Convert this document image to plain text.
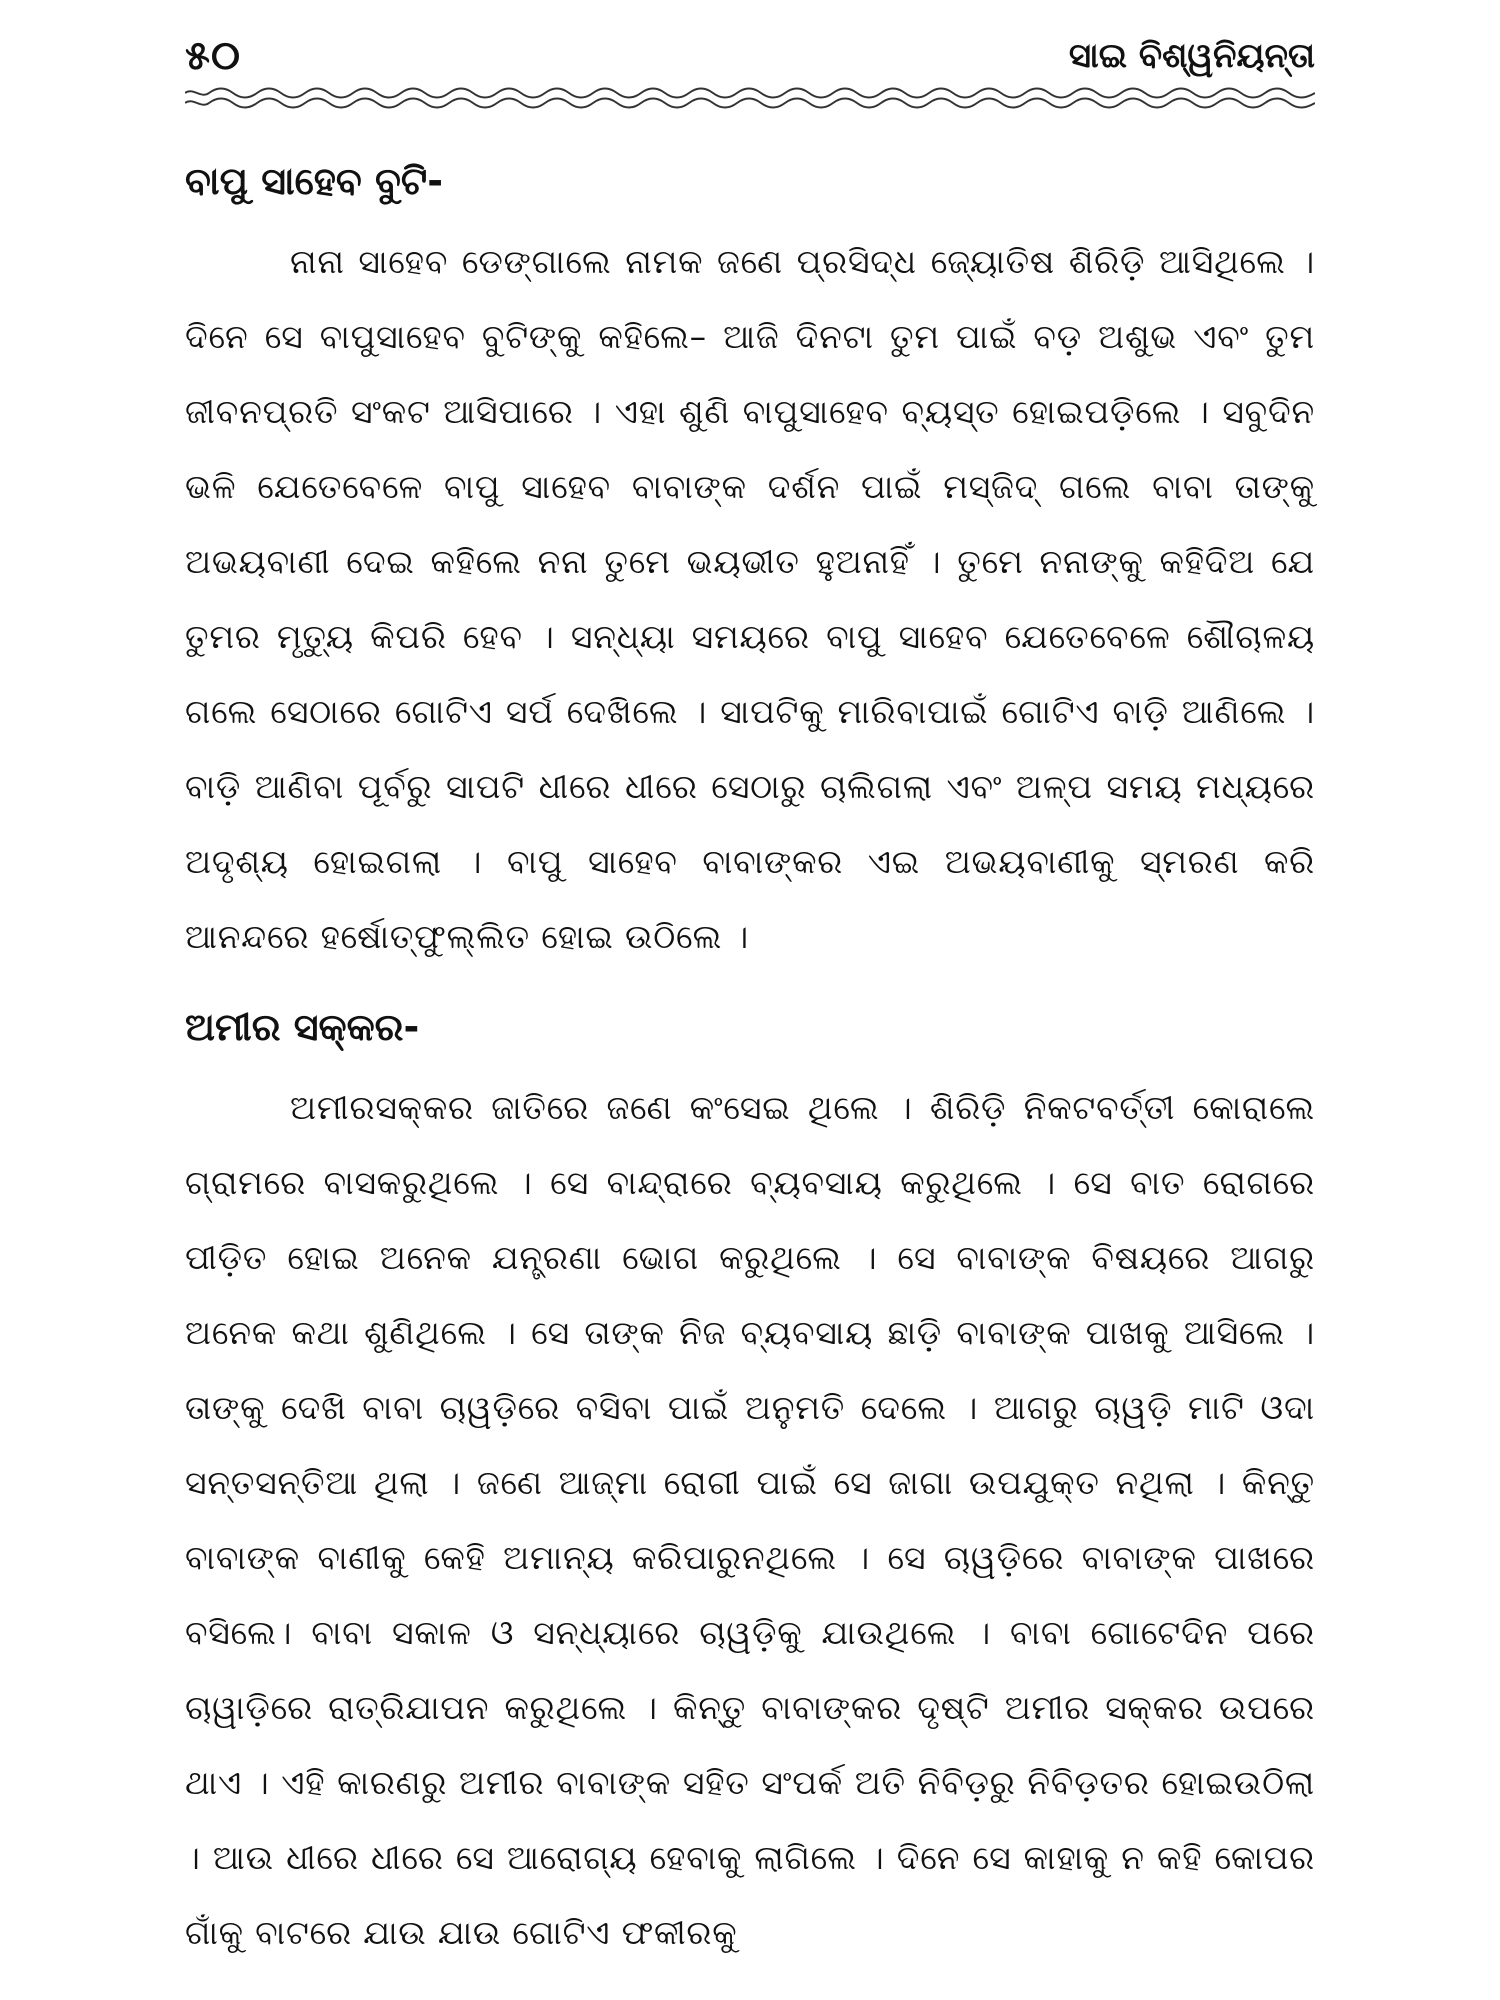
୫୦	ସାଇ ବିଶ୍ୱନିୟନ୍ତା
ବାପୁ ସାହେବ ବୁଟି-

ନାନା ସାହେବ ଡେଙ୍ଗାଲେ ନାମକ ଜଣେ ପ୍ରସିଦ୍ଧ ଜ୍ୟୋତିଷ ଶିରିଡ଼ି ଆସିଥିଲେ । ଦିନେ ସେ ବାପୁସାହେବ ବୁଟିଙ୍କୁ କହିଲେ– ଆଜି ଦିନଟା ତୁମ ପାଇଁ ବଡ଼ ଅଶୁଭ ଏବଂ ତୁମ ଜୀବନପ୍ରତି ସଂକଟ ଆସିପାରେ । ଏହା ଶୁଣି ବାପୁସାହେବ ବ୍ୟସ୍ତ ହୋଇପଡ଼ିଲେ । ସବୁଦିନ ଭଳି ଯେତେବେଳେ ବାପୁ ସାହେବ ବାବାଙ୍କ ଦର୍ଶନ ପାଇଁ ମସ୍‌ଜିଦ୍ ଗଲେ ବାବା ତାଙ୍କୁ ଅଭୟବାଣୀ ଦେଇ କହିଲେ ନନା ତୁମେ ଭୟଭୀତ ହୁଅନାହିଁ । ତୁମେ ନନାଙ୍କୁ କହିଦିଅ ଯେ ତୁମର ମୃତ୍ୟୁ କିପରି ହେବ । ସନ୍ଧ୍ୟା ସମୟରେ ବାପୁ ସାହେବ ଯେତେବେଳେ ଶୌଚାଳୟ ଗଲେ ସେଠାରେ ଗୋଟିଏ ସର୍ପ ଦେଖିଲେ । ସାପଟିକୁ ମାରିବାପାଇଁ ଗୋଟିଏ ବାଡ଼ି ଆଣିଲେ । ବାଡ଼ି ଆଣିବା ପୂର୍ବରୁ ସାପଟି ଧୀରେ ଧୀରେ ସେଠାରୁ ଚାଲିଗଲା ଏବଂ ଅଳ୍ପ ସମୟ ମଧ୍ୟରେ ଅଦୃଶ୍ୟ ହୋଇଗଲା । ବାପୁ ସାହେବ ବାବାଙ୍କର ଏଇ ଅଭୟବାଣୀକୁ ସ୍ମରଣ କରି ଆନନ୍ଦରେ ହର୍ଷୋତ୍‌ଫୁଲ୍ଲିତ ହୋଇ ଉଠିଲେ ।

ଅମୀର ସକ୍କର-

ଅମୀରସକ୍କର ଜାତିରେ ଜଣେ କଂସେଇ ଥିଲେ । ଶିରିଡ଼ି ନିକଟବର୍ତ୍ତୀ କୋରାଲେ ଗ୍ରାମରେ ବାସକରୁଥିଲେ । ସେ ବାନ୍ଦ୍ରାରେ ବ୍ୟବସାୟ କରୁଥିଲେ । ସେ ବାତ ରୋଗରେ ପୀଡ଼ିତ ହୋଇ ଅନେକ ଯନ୍ତ୍ରଣା ଭୋଗ କରୁଥିଲେ । ସେ ବାବାଙ୍କ ବିଷୟରେ ଆଗରୁ ଅନେକ କଥା ଶୁଣିଥିଲେ । ସେ ତାଙ୍କ ନିଜ ବ୍ୟବସାୟ ଛାଡ଼ି ବାବାଙ୍କ ପାଖକୁ ଆସିଲେ । ତାଙ୍କୁ ଦେଖି ବାବା ଚାୱଡ଼ିରେ ବସିବା ପାଇଁ ଅନୁମତି ଦେଲେ । ଆଗରୁ ଚାୱଡ଼ି ମାଟି ଓଦା ସନ୍ତସନ୍ତିଆ ଥିଲା । ଜଣେ ଆଜ୍‌ମା ରୋଗୀ ପାଇଁ ସେ ଜାଗା ଉପଯୁକ୍ତ ନଥିଲା । କିନ୍ତୁ ବାବାଙ୍କ ବାଣୀକୁ କେହି ଅମାନ୍ୟ କରିପାରୁନଥିଲେ । ସେ ଚାୱଡ଼ିରେ ବାବାଙ୍କ ପାଖରେ ବସିଲେ। ବାବା ସକାଳ ଓ ସନ୍ଧ୍ୟାରେ ଚାୱଡ଼ିକୁ ଯାଉଥିଲେ । ବାବା ଗୋଟେଦିନ ପରେ ଚାୱାଡ଼ିରେ ରାତ୍ରିଯାପନ କରୁଥିଲେ । କିନ୍ତୁ ବାବାଙ୍କର ଦୃଷ୍ଟି ଅମୀର ସକ୍କର ଉପରେ ଥାଏ । ଏହି କାରଣରୁ ଅମୀର ବାବାଙ୍କ ସହିତ ସଂପର୍କ ଅତି ନିବିଡ଼ରୁ ନିବିଡ଼ତର ହୋଇଉଠିଲା । ଆଉ ଧୀରେ ଧୀରେ ସେ ଆରୋଗ୍ୟ ହେବାକୁ ଲାଗିଲେ । ଦିନେ ସେ କାହାକୁ ନ କହି କୋପର ଗାଁକୁ ବାଟରେ ଯାଉ ଯାଉ ଗୋଟିଏ ଫକୀରକୁ
